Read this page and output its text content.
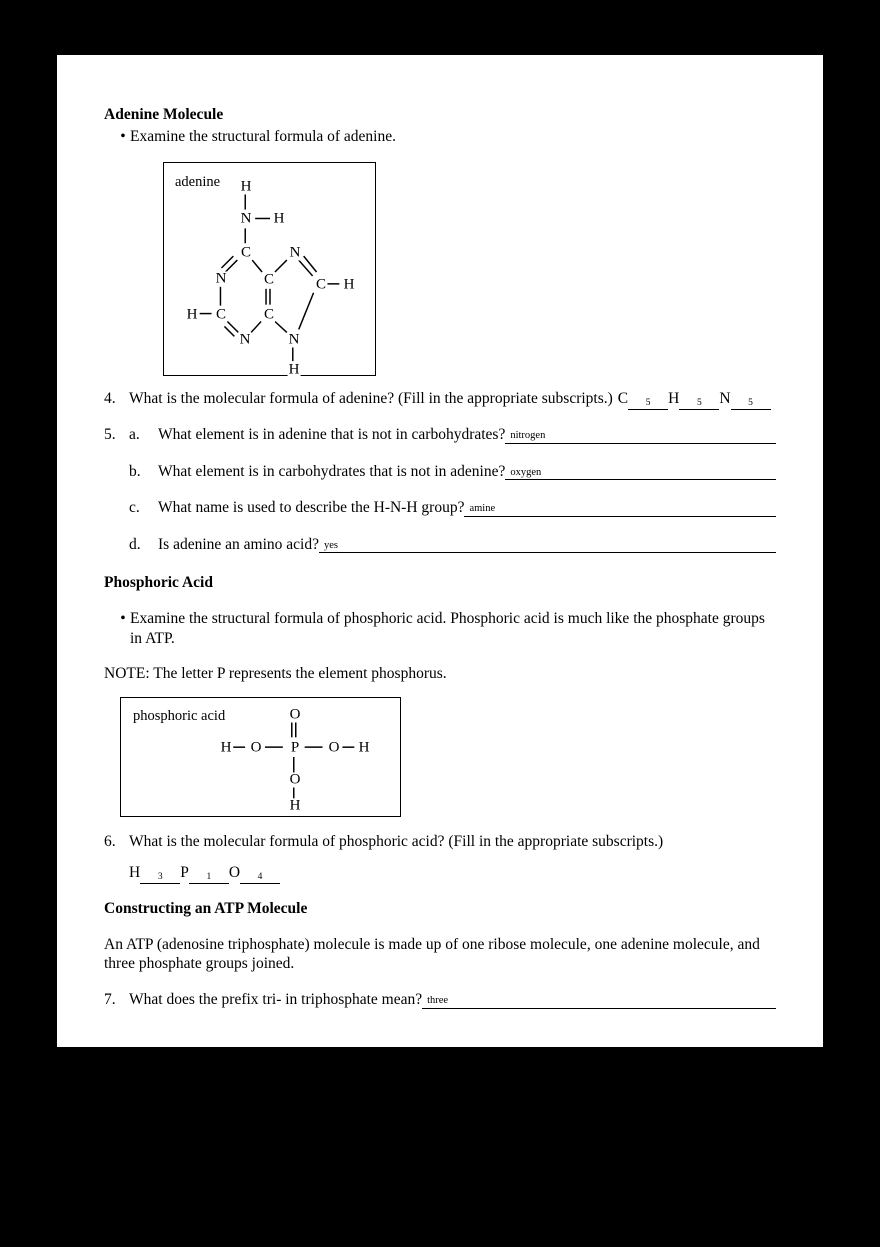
Adenine Molecule
• Examine the structural formula of adenine.
adenine H
N H
C
N
N
C
C
C
H
C H
N	N
H
4. What is the molecular formula of adenine? (Fill in the appropriate subscripts.) C	5	H	5	N	5
5. a.	What element is in adenine that is not in carbohydrates? nitrogen
b.	What element is in carbohydrates that is not in adenine? oxygen
c.	What name is used to describe the H-N-H group? amine
d.	Is adenine an amino acid? yes
Phosphoric Acid
• Examine the structural formula of phosphoric acid. Phosphoric acid is much like the phosphate groups in ATP.
NOTE: The letter P represents the element phosphorus.
phosphoric acid	O
H O P O H
O
H
6. What is the molecular formula of phosphoric acid? (Fill in the appropriate subscripts.)
H	3	P	1	O	4
Constructing an ATP Molecule
An ATP (adenosine triphosphate) molecule is made up of one ribose molecule, one adenine molecule, and three phosphate groups joined.
7. What does the prefix tri- in triphosphate mean? three
